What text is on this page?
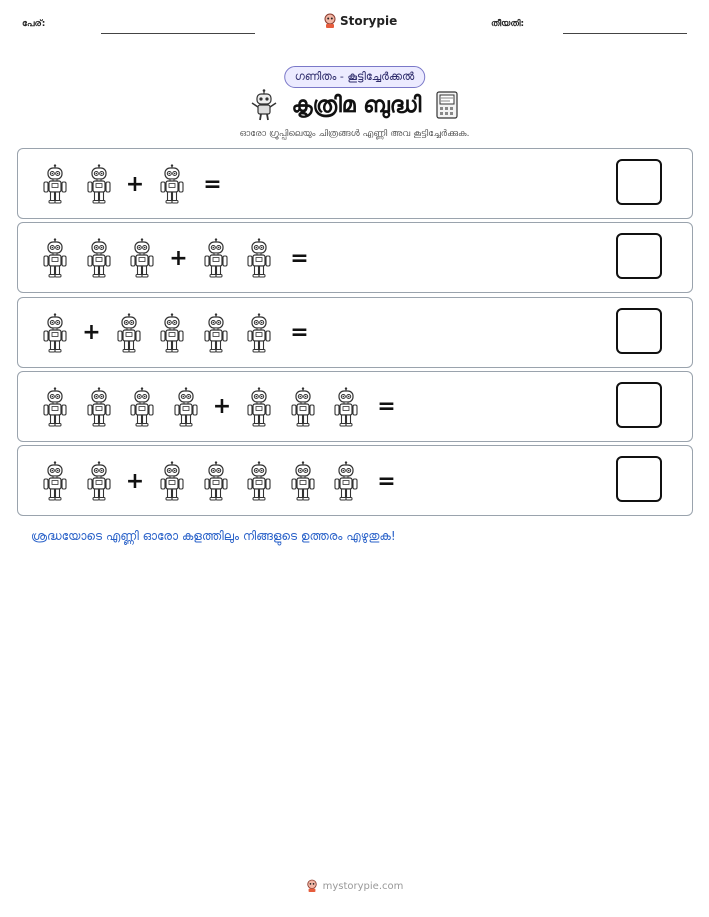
പേര്:	Storypie	തീയതി:
ഗണിതം - കൂട്ടിച്ചേർക്കൽ
കൃത്രിമ ബുദ്ധി
ഓരോ ഗ്രൂപ്പിലെയും ചിത്രങ്ങൾ എണ്ണി അവ കൂട്ടിച്ചേർക്കുക.
+	=
+	=
+	=
+	=
+	=
ശ്രദ്ധയോടെ എണ്ണി ഓരോ കളത്തിലും നിങ്ങളുടെ ഉത്തരം എഴുതുക!
mystorypie.com
